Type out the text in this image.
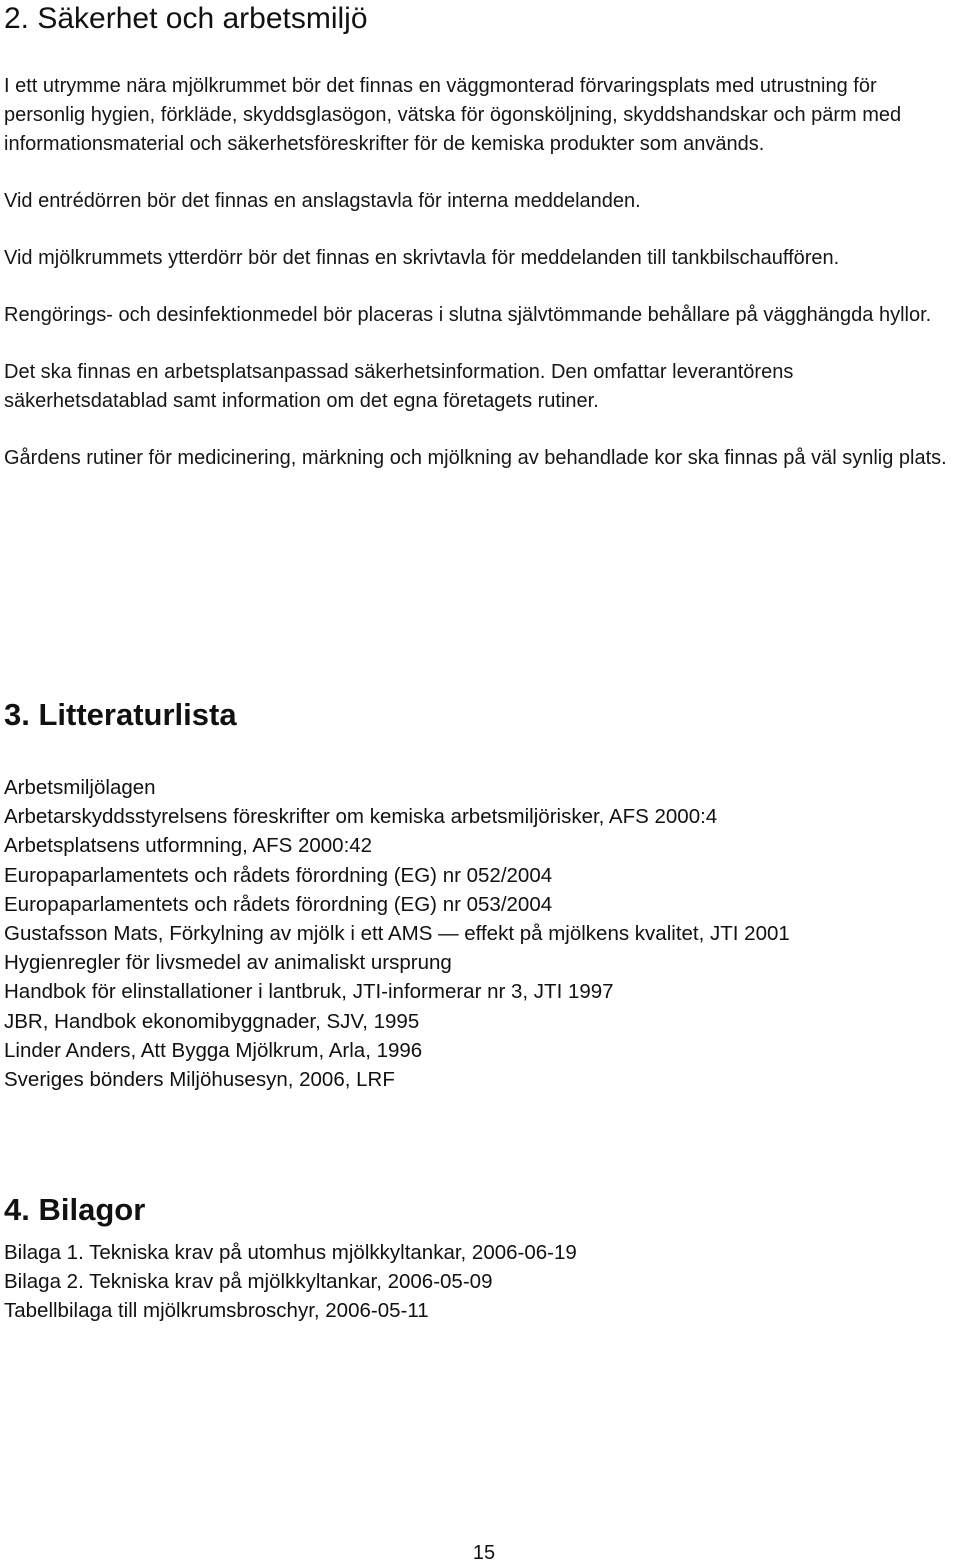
2. Säkerhet och arbetsmiljö

I ett utrymme nära mjölkrummet bör det finnas en väggmonterad förvaringsplats med utrustning för personlig hygien, förkläde, skyddsglasögon, vätska för ögonsköljning, skyddshandskar och pärm med informationsmaterial och säkerhetsföreskrifter för de kemiska produkter som används.

Vid entrédörren bör det finnas en anslagstavla för interna meddelanden.

Vid mjölkrummets ytterdörr bör det finnas en skrivtavla för meddelanden till tankbilschauffören.

Rengörings- och desinfektionmedel bör placeras i slutna självtömmande behållare på vägghängda hyllor.

Det ska finnas en arbetsplatsanpassad säkerhetsinformation. Den omfattar leverantörens säkerhetsdatablad samt information om det egna företagets rutiner.

Gårdens rutiner för medicinering, märkning och mjölkning av behandlade kor ska finnas på väl synlig plats.

3. Litteraturlista
Arbetsmiljölagen
Arbetarskyddsstyrelsens föreskrifter om kemiska arbetsmiljörisker, AFS 2000:4
Arbetsplatsens utformning, AFS 2000:42
Europaparlamentets och rådets förordning (EG) nr 052/2004
Europaparlamentets och rådets förordning (EG) nr 053/2004
Gustafsson Mats, Förkylning av mjölk i ett AMS — effekt på mjölkens kvalitet, JTI 2001
Hygienregler för livsmedel av animaliskt ursprung
Handbok för elinstallationer i lantbruk, JTI-informerar nr 3, JTI 1997
JBR, Handbok ekonomibyggnader, SJV, 1995
Linder Anders, Att Bygga Mjölkrum, Arla, 1996
Sveriges bönders Miljöhusesyn, 2006, LRF
4. Bilagor
Bilaga 1. Tekniska krav på utomhus mjölkkyltankar, 2006-06-19
Bilaga 2. Tekniska krav på mjölkkyltankar, 2006-05-09
Tabellbilaga till mjölkrumsbroschyr, 2006-05-11
15
